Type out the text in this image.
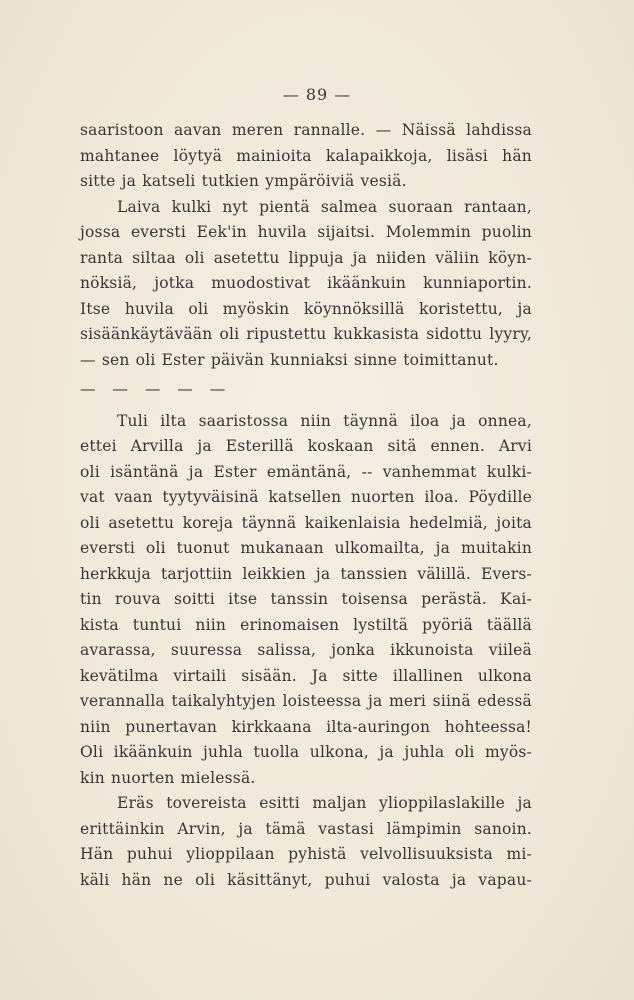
— 89 —
saaristoon aavan meren rannalle. — Näissä lahdissa
mahtanee löytyä mainioita kalapaikkoja, lisäsi hän
sitte ja katseli tutkien ympäröiviä vesiä.
Laiva kulki nyt pientä salmea suoraan rantaan,
jossa eversti Eek'in huvila sijaitsi. Molemmin puolin
ranta siltaa oli asetettu lippuja ja niiden väliin köyn-
nöksiä, jotka muodostivat ikäänkuin kunniaportin.
Itse huvila oli myöskin köynnöksillä koristettu, ja
sisäänkäytävään oli ripustettu kukkasista sidottu lyyry,
— sen oli Ester päivän kunniaksi sinne toimittanut.
— — — — —
Tuli ilta saaristossa niin täynnä iloa ja onnea,
ettei Arvilla ja Esterillä koskaan sitä ennen. Arvi
oli isäntänä ja Ester emäntänä, -- vanhemmat kulki-
vat vaan tyytyväisinä katsellen nuorten iloa. Pöydille
oli asetettu koreja täynnä kaikenlaisia hedelmiä, joita
eversti oli tuonut mukanaan ulkomailta, ja muitakin
herkkuja tarjottiin leikkien ja tanssien välillä. Evers-
tin rouva soitti itse tanssin toisensa perästä. Kai-
kista tuntui niin erinomaisen lystiltä pyöriä täällä
avarassa, suuressa salissa, jonka ikkunoista viileä
kevätilma virtaili sisään. Ja sitte illallinen ulkona
verannalla taikalyhtyjen loisteessa ja meri siinä edessä
niin punertavan kirkkaana ilta-auringon hohteessa!
Oli ikäänkuin juhla tuolla ulkona, ja juhla oli myös-
kin nuorten mielessä.
Eräs tovereista esitti maljan ylioppilaslakille ja
erittäinkin Arvin, ja tämä vastasi lämpimin sanoin.
Hän puhui ylioppilaan pyhistä velvollisuuksista mi-
käli hän ne oli käsittänyt, puhui valosta ja vapau-
